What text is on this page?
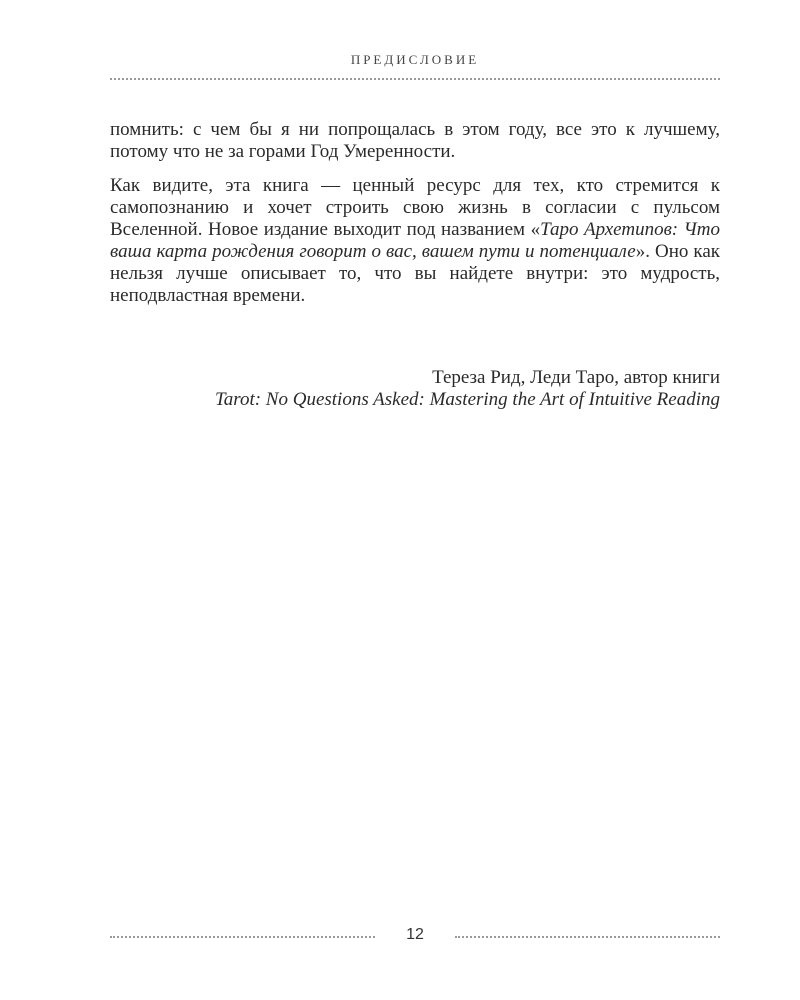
ПРЕДИСЛОВИЕ

помнить: с чем бы я ни попрощалась в этом году, все это к лучшему, потому что не за горами Год Умеренности.

Как видите, эта книга — ценный ресурс для тех, кто стремится к самопознанию и хочет строить свою жизнь в согласии с пульсом Вселенной. Новое издание выходит под названием «Таро Архетипов: Что ваша карта рождения говорит о вас, вашем пути и потенциале». Оно как нельзя лучше описывает то, что вы найдете внутри: это мудрость, неподвластная времени.

Тереза Рид, Леди Таро, автор книги
Tarot: No Questions Asked: Mastering the Art of Intuitive Reading
12
